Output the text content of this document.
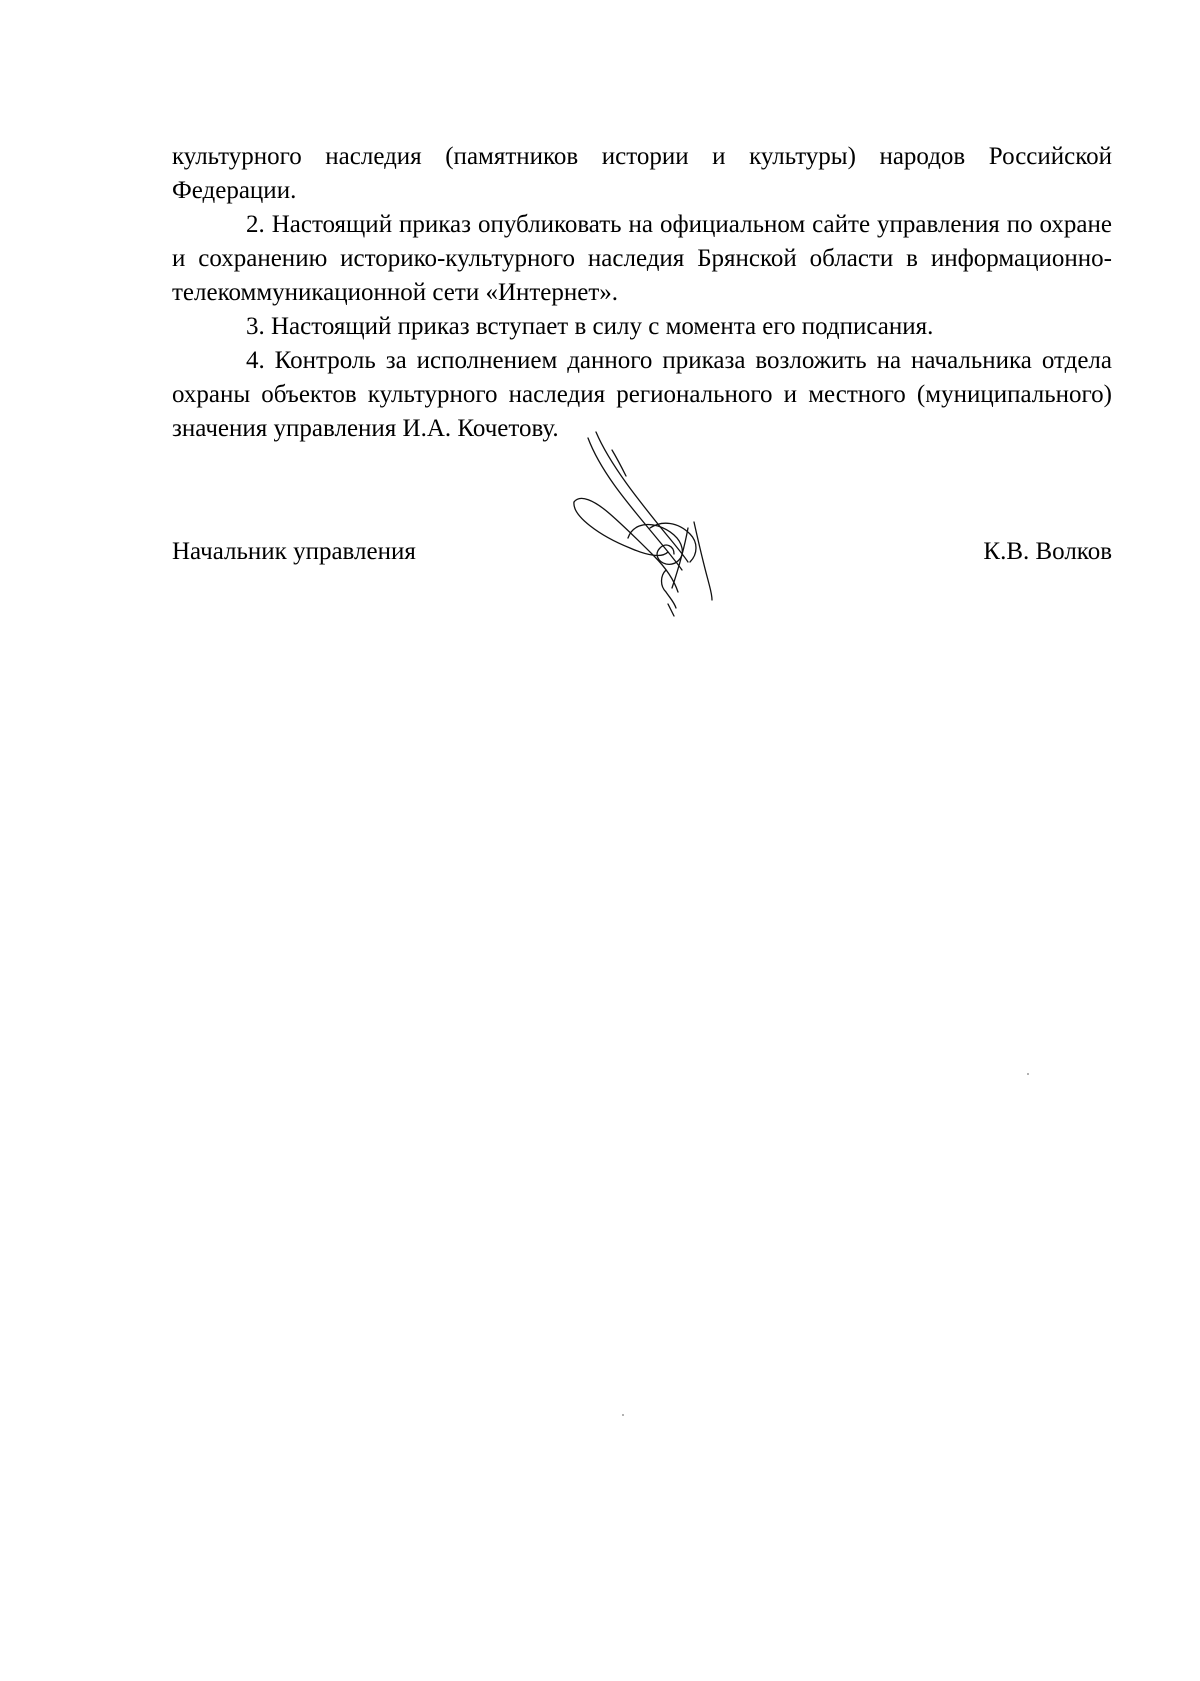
культурного наследия (памятников истории и культуры) народов Российской Федерации.

2. Настоящий приказ опубликовать на официальном сайте управления по охране и сохранению историко-культурного наследия Брянской области в информационно-телекоммуникационной сети «Интернет».

3. Настоящий приказ вступает в силу с момента его подписания.

4. Контроль за исполнением данного приказа возложить на начальника отдела охраны объектов культурного наследия регионального и местного (муниципального) значения управления И.А. Кочетову.

Начальник управления	К.В. Волков
